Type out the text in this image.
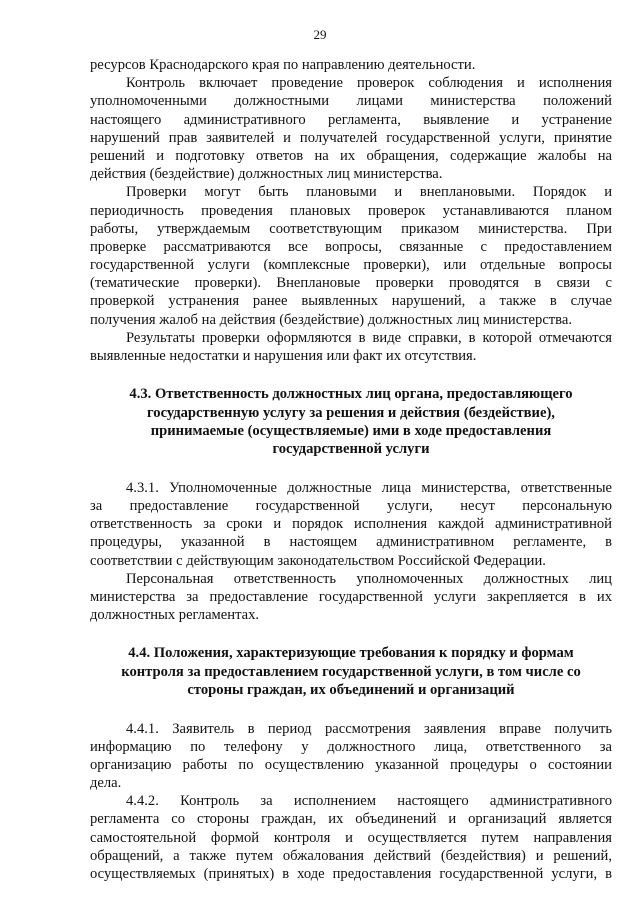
29
ресурсов Краснодарского края по направлению деятельности.
Контроль включает проведение проверок соблюдения и исполнения
уполномоченными должностными лицами министерства положений
настоящего административного регламента, выявление и устранение
нарушений прав заявителей и получателей государственной услуги, принятие
решений и подготовку ответов на их обращения, содержащие жалобы на
действия (бездействие) должностных лиц министерства.
Проверки могут быть плановыми и внеплановыми. Порядок и
периодичность проведения плановых проверок устанавливаются планом
работы, утверждаемым соответствующим приказом министерства. При
проверке рассматриваются все вопросы, связанные с предоставлением
государственной услуги (комплексные проверки), или отдельные вопросы
(тематические проверки). Внеплановые проверки проводятся в связи с
проверкой устранения ранее выявленных нарушений, а также в случае
получения жалоб на действия (бездействие) должностных лиц министерства.
Результаты проверки оформляются в виде справки, в которой отмечаются
выявленные недостатки и нарушения или факт их отсутствия.
4.3. Ответственность должностных лиц органа, предоставляющего
государственную услугу за решения и действия (бездействие),
принимаемые (осуществляемые) ими в ходе предоставления
государственной услуги
4.3.1. Уполномоченные должностные лица министерства, ответственные
за предоставление государственной услуги, несут персональную
ответственность за сроки и порядок исполнения каждой административной
процедуры, указанной в настоящем административном регламенте, в
соответствии с действующим законодательством Российской Федерации.
Персональная ответственность уполномоченных должностных лиц
министерства за предоставление государственной услуги закрепляется в их
должностных регламентах.
4.4. Положения, характеризующие требования к порядку и формам
контроля за предоставлением государственной услуги, в том числе со
стороны граждан, их объединений и организаций
4.4.1. Заявитель в период рассмотрения заявления вправе получить
информацию по телефону у должностного лица, ответственного за
организацию работы по осуществлению указанной процедуры о состоянии
дела.
4.4.2. Контроль за исполнением настоящего административного
регламента со стороны граждан, их объединений и организаций является
самостоятельной формой контроля и осуществляется путем направления
обращений, а также путем обжалования действий (бездействия) и решений,
осуществляемых (принятых) в ходе предоставления государственной услуги, в
